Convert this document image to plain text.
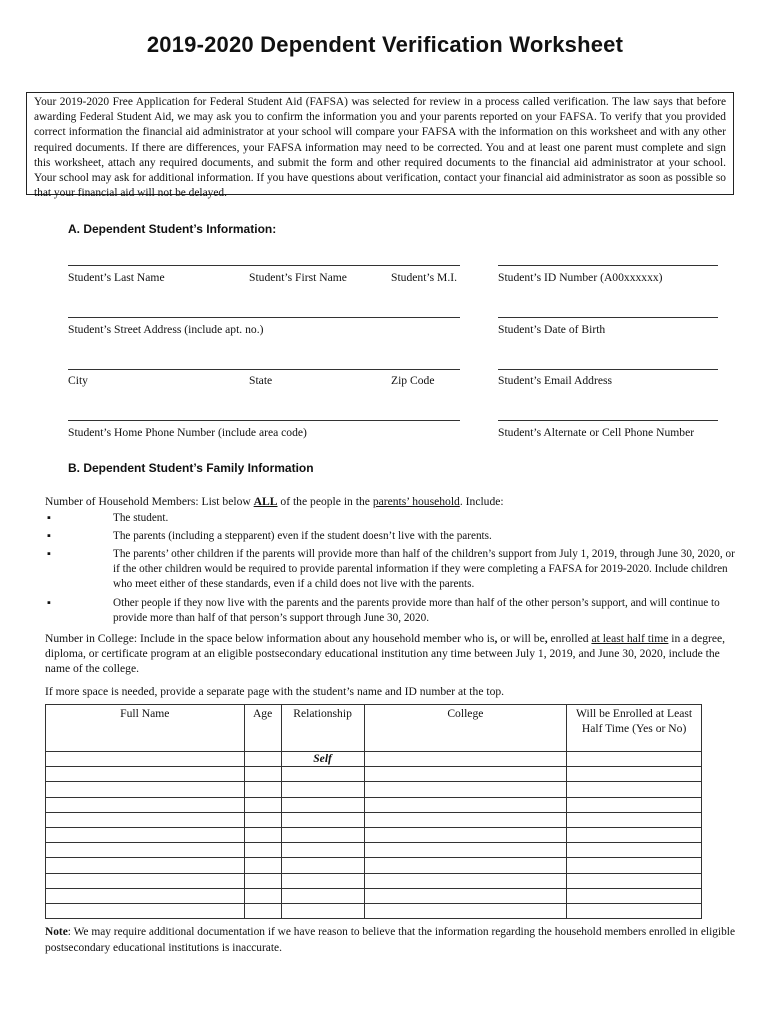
2019-2020 Dependent Verification Worksheet
Your 2019-2020 Free Application for Federal Student Aid (FAFSA) was selected for review in a process called verification. The law says that before awarding Federal Student Aid, we may ask you to confirm the information you and your parents reported on your FAFSA. To verify that you provided correct information the financial aid administrator at your school will compare your FAFSA with the information on this worksheet and with any other required documents. If there are differences, your FAFSA information may need to be corrected. You and at least one parent must complete and sign this worksheet, attach any required documents, and submit the form and other required documents to the financial aid administrator at your school. Your school may ask for additional information. If you have questions about verification, contact your financial aid administrator as soon as possible so that your financial aid will not be delayed.
A. Dependent Student’s Information:
Student’s Last Name	Student’s First Name	Student’s M.I.	Student’s ID Number (A00xxxxxx)
Student’s Street Address (include apt. no.)	Student’s Date of Birth
City	State	Zip Code	Student’s Email Address
Student’s Home Phone Number (include area code)	Student’s Alternate or Cell Phone Number
B. Dependent Student’s Family Information
Number of Household Members: List below ALL of the people in the parents’ household. Include:
▪	The student.
▪	The parents (including a stepparent) even if the student doesn’t live with the parents.
▪	The parents’ other children if the parents will provide more than half of the children’s support from July 1, 2019, through June 30, 2020, or if the other children would be required to provide parental information if they were completing a FAFSA for 2019-2020. Include children who meet either of these standards, even if a child does not live with the parents.
▪	Other people if they now live with the parents and the parents provide more than half of the other person’s support, and will continue to provide more than half of that person’s support through June 30, 2020.
Number in College: Include in the space below information about any household member who is, or will be, enrolled at least half time in a degree, diploma, or certificate program at an eligible postsecondary educational institution any time between July 1, 2019, and June 30, 2020, include the name of the college.
If more space is needed, provide a separate page with the student’s name and ID number at the top.
Full Name	Age	Relationship	College	Will be Enrolled at Least Half Time (Yes or No)
		Self		

Note: We may require additional documentation if we have reason to believe that the information regarding the household members enrolled in eligible postsecondary educational institutions is inaccurate.
